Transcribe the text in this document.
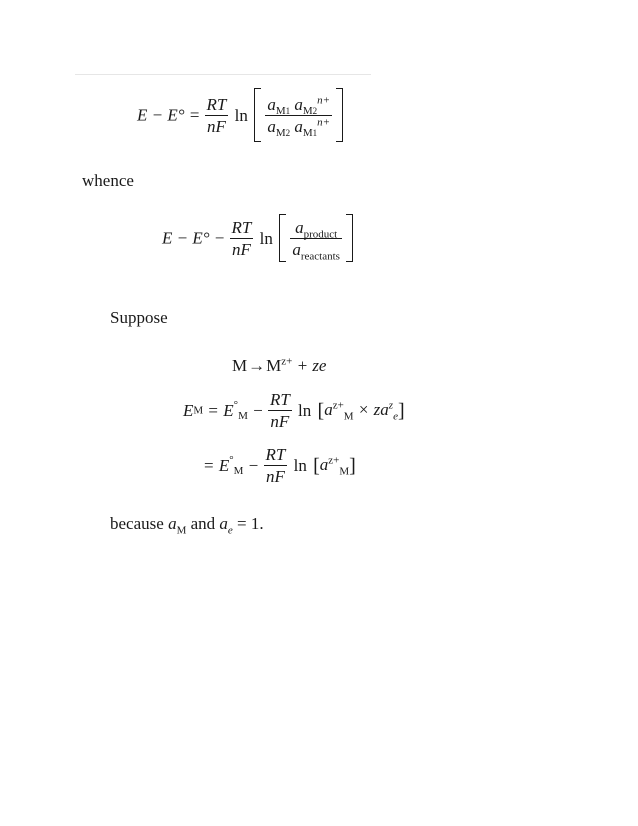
$E - E^\circ = \frac{RT}{nF}$ $\ln \frac{a_{M1} a_{M2}^{n+}}{a_{M2} a_{M1}^{n+}}$

whence
$E - E^\circ - \frac{RT}{nF}$ $\ln \frac{a_{product}}{a_{reactants}}$

Suppose
$M\to M^{z+}$ + ze
EM = $E^\circ_M - \frac{RT}{nF}$ $\ln [a^{z+}_M \times za^z_e]$
= $E^\circ_M - \frac{RT}{nF}$ $\ln [a^{z+}_M]$
because $a_M$ and $a_e = 1$.
